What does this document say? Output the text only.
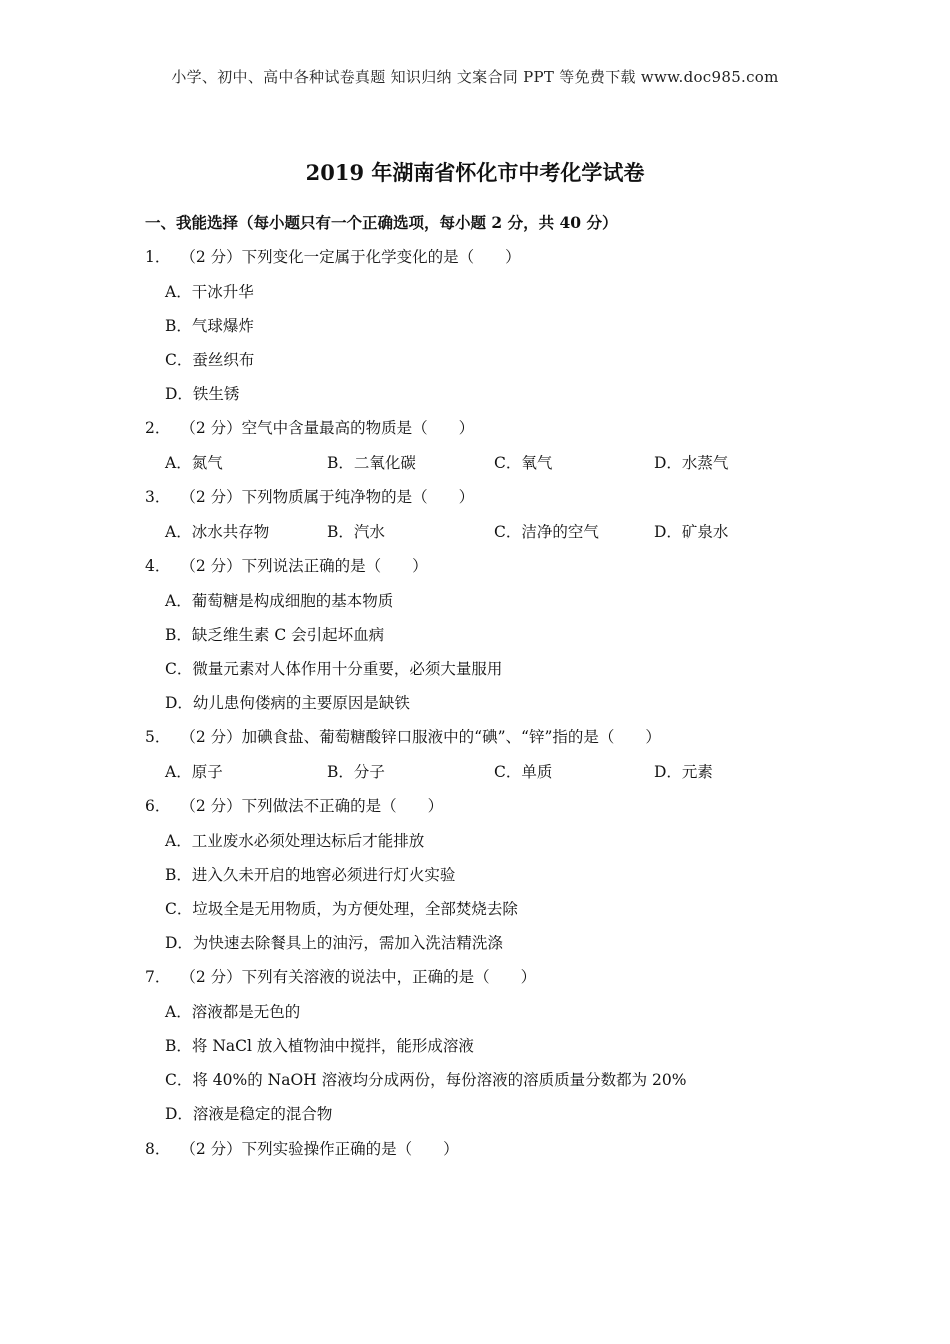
小学、初中、高中各种试卷真题 知识归纳 文案合同 PPT 等免费下载 www.doc985.com
2019 年湖南省怀化市中考化学试卷
一、我能选择（每小题只有一个正确选项，每小题 2 分，共 40 分）
1． （2 分）下列变化一定属于化学变化的是（　　）
A．干冰升华
B．气球爆炸
C．蚕丝织布
D．铁生锈
2． （2 分）空气中含量最高的物质是（　　）
A．氮气	B．二氧化碳	C．氧气	D．水蒸气
3． （2 分）下列物质属于纯净物的是（　　）
A．冰水共存物	B．汽水	C．洁净的空气	D．矿泉水
4． （2 分）下列说法正确的是（　　）
A．葡萄糖是构成细胞的基本物质
B．缺乏维生素 C 会引起坏血病
C．微量元素对人体作用十分重要，必须大量服用
D．幼儿患佝偻病的主要原因是缺铁
5． （2 分）加碘食盐、葡萄糖酸锌口服液中的“碘”、“锌”指的是（　　）
A．原子	B．分子	C．单质	D．元素
6． （2 分）下列做法不正确的是（　　）
A．工业废水必须处理达标后才能排放
B．进入久未开启的地窖必须进行灯火实验
C．垃圾全是无用物质，为方便处理，全部焚烧去除
D．为快速去除餐具上的油污，需加入洗洁精洗涤
7． （2 分）下列有关溶液的说法中，正确的是（　　）
A．溶液都是无色的
B．将 NaCl 放入植物油中搅拌，能形成溶液
C．将 40%的 NaOH 溶液均分成两份，每份溶液的溶质质量分数都为 20%
D．溶液是稳定的混合物
8． （2 分）下列实验操作正确的是（　　）
